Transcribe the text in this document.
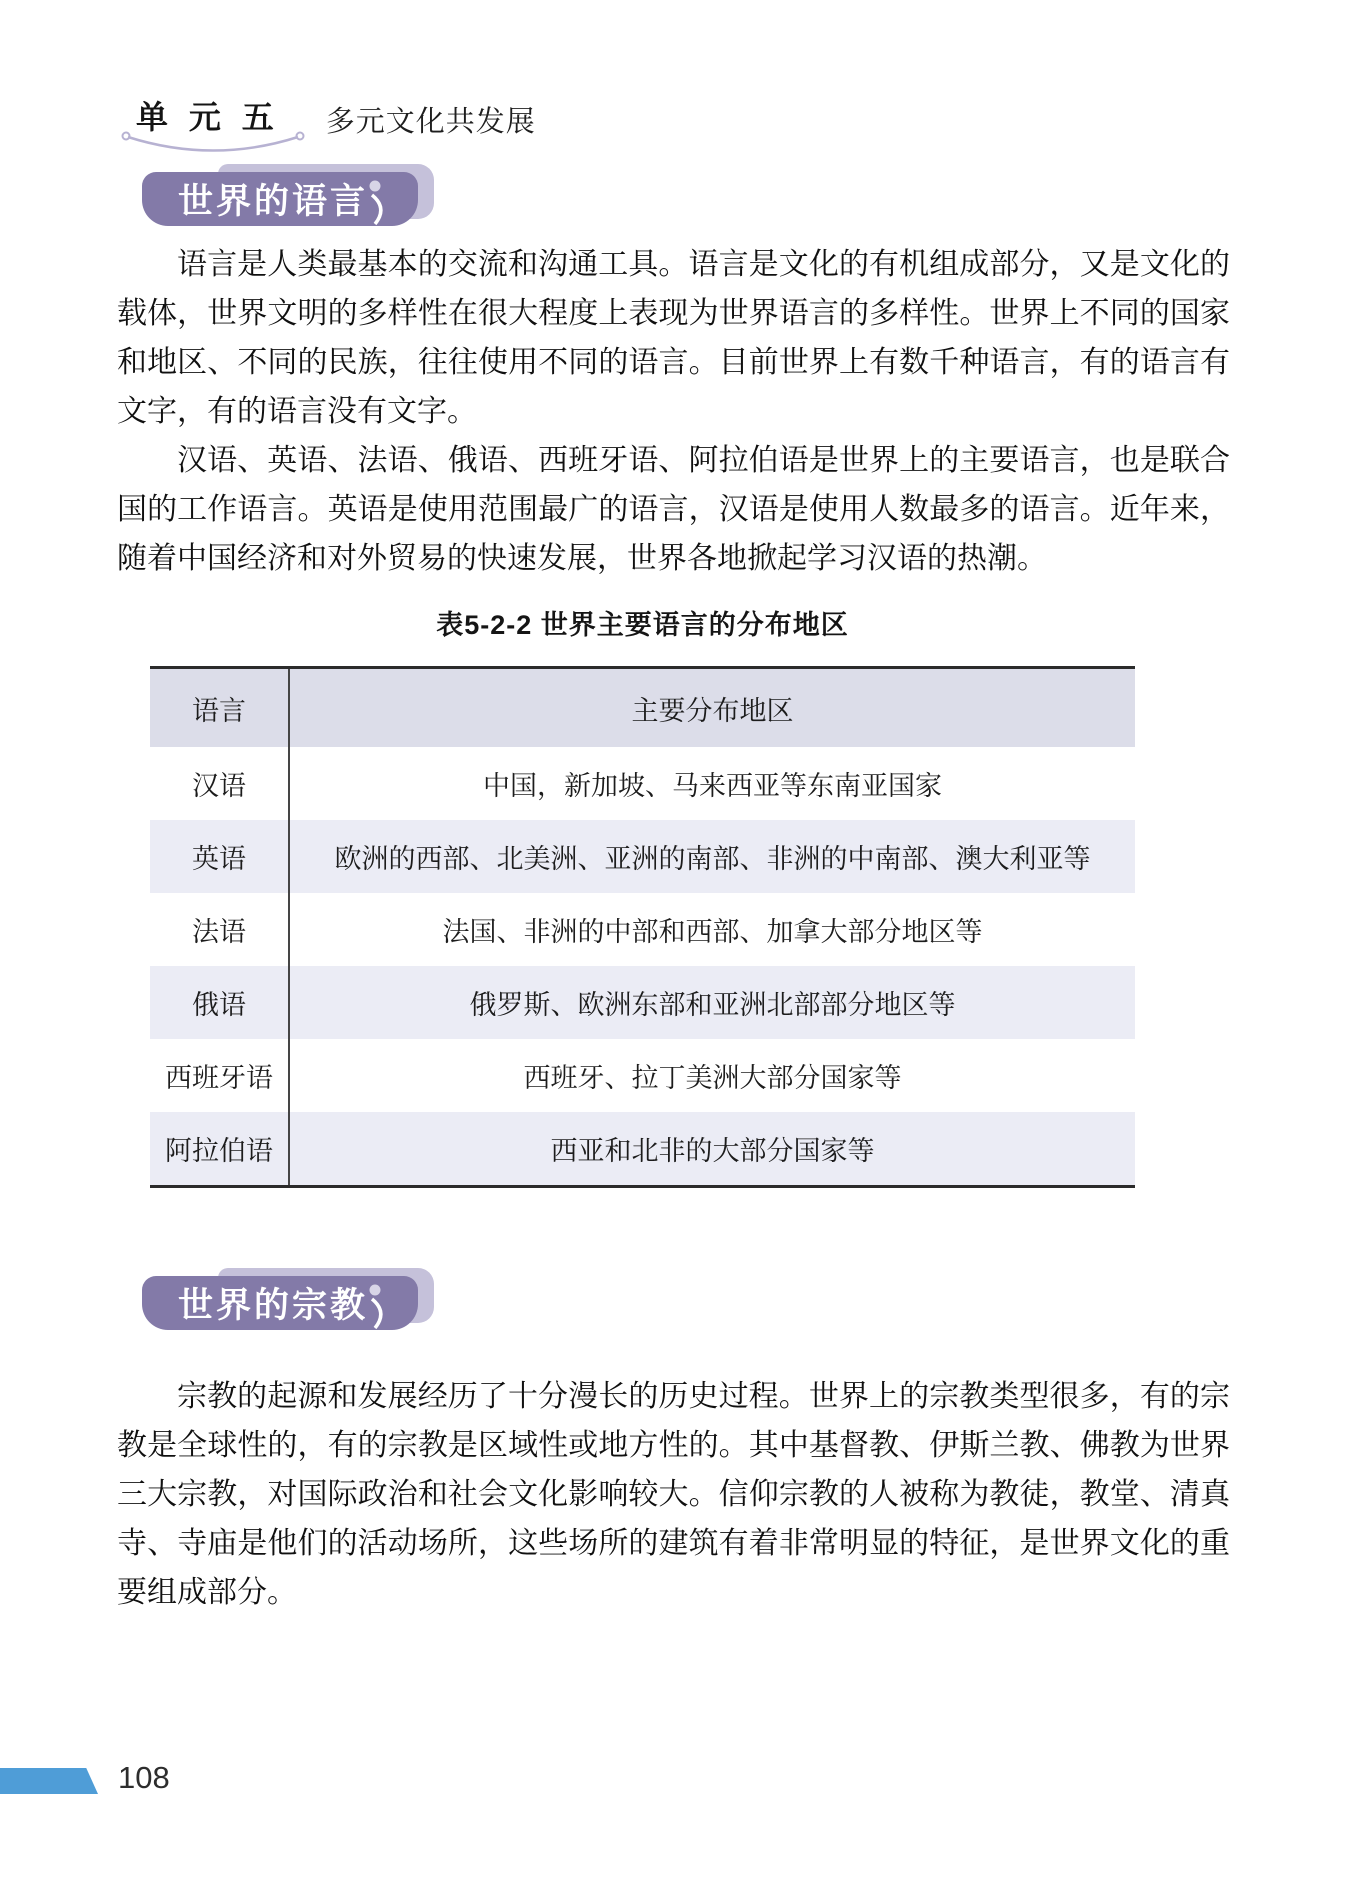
单 元 五 多元文化共发展
世界的语言

语言是人类最基本的交流和沟通工具。语言是文化的有机组成部分，又是文化的载体，世界文明的多样性在很大程度上表现为世界语言的多样性。世界上不同的国家和地区、不同的民族，往往使用不同的语言。目前世界上有数千种语言，有的语言有文字，有的语言没有文字。

汉语、英语、法语、俄语、西班牙语、阿拉伯语是世界上的主要语言，也是联合国的工作语言。英语是使用范围最广的语言，汉语是使用人数最多的语言。近年来，随着中国经济和对外贸易的快速发展，世界各地掀起学习汉语的热潮。

表5-2-2 世界主要语言的分布地区
语言	主要分布地区
汉语	中国，新加坡、马来西亚等东南亚国家
英语	欧洲的西部、北美洲、亚洲的南部、非洲的中南部、澳大利亚等
法语	法国、非洲的中部和西部、加拿大部分地区等
俄语	俄罗斯、欧洲东部和亚洲北部部分地区等
西班牙语	西班牙、拉丁美洲大部分国家等
阿拉伯语	西亚和北非的大部分国家等
世界的宗教

宗教的起源和发展经历了十分漫长的历史过程。世界上的宗教类型很多，有的宗教是全球性的，有的宗教是区域性或地方性的。其中基督教、伊斯兰教、佛教为世界三大宗教，对国际政治和社会文化影响较大。信仰宗教的人被称为教徒，教堂、清真寺、寺庙是他们的活动场所，这些场所的建筑有着非常明显的特征，是世界文化的重要组成部分。

108
